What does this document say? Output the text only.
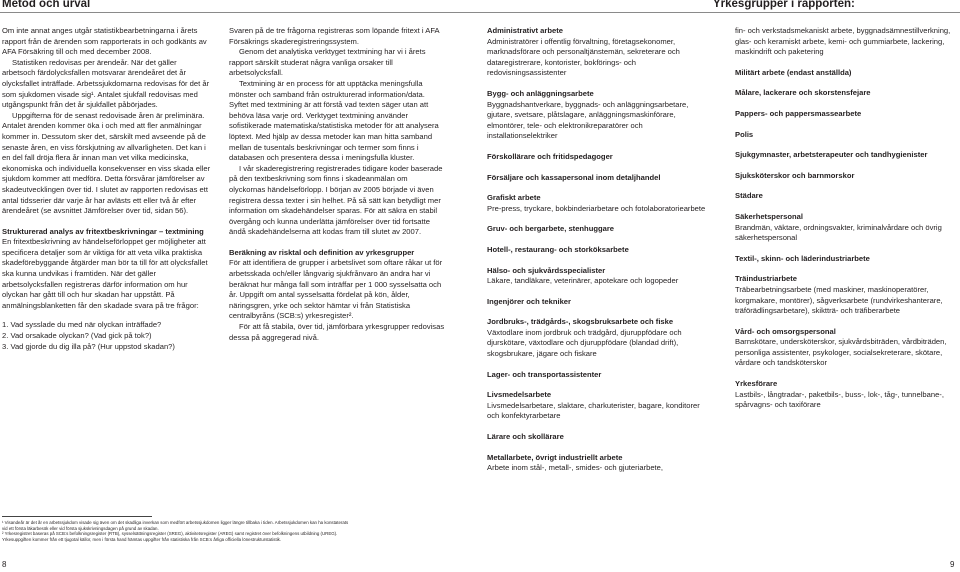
Metod och urval	Yrkesgrupper i rapporten:

Om inte annat anges utgår statistikbearbetningarna i årets rapport från de ärenden som rapporterats in och godkänts av AFA Försäkring till och med december 2008.

Statistiken redovisas per ärendeår. När det gäller arbetsoch färdolycksfallen motsvarar ärendeåret det år olycksfallet inträffade. Arbetssjukdomarna redovisas för det år som sjukdomen visade sig¹. Antalet sjukfall redovisas med utgångspunkt från det år sjukfallet påbörjades.

Uppgifterna för de senast redovisade åren är preliminära. Antalet ärenden kommer öka i och med att fler anmälningar kommer in. Dessutom sker det, särskilt med avseende på de senaste åren, en viss förskjutning av allvarligheten. Det kan i en del fall dröja flera år innan man vet vilka medicinska, ekonomiska och individuella konsekvenser en viss skada eller sjukdom kommer att medföra. Detta försvårar jämförelser av skadeutvecklingen över tid. I slutet av rapporten redovisas ett antal tidsserier där varje år har avlästs ett eller två år efter ärendeåret (se avsnittet Jämförelser över tid, sidan 56).

Strukturerad analys av fritextbeskrivningar – textmining

En fritextbeskrivning av händelseförloppet ger möjligheter att specificera detaljer som är viktiga för att veta vilka praktiska skadeförebyggande åtgärder man bör ta till för att olycksfallet ska kunna undvikas i framtiden. När det gäller arbetsolycksfallen registreras därför information om hur olyckan har gått till och hur skadan har uppstått. På anmälningsblanketten får den skadade svara på tre frågor:

1. Vad sysslade du med när olyckan inträffade?

2. Vad orsakade olyckan? (Vad gick på tok?)

3. Vad gjorde du dig illa på? (Hur uppstod skadan?)

Svaren på de tre frågorna registreras som löpande fritext i AFA Försäkrings skaderegistreringssystem.

Genom det analytiska verktyget textmining har vi i årets rapport särskilt studerat några vanliga orsaker till arbetsolycksfall.

Textmining är en process för att upptäcka meningsfulla mönster och samband från ostrukturerad information/data. Syftet med textmining är att förstå vad texten säger utan att behöva läsa varje ord. Verktyget textmining använder sofistikerade matematiska/statistiska metoder för att analysera löptext. Med hjälp av dessa metoder kan man hitta samband mellan de tusentals beskrivningar och termer som finns i databasen och presentera dessa i meningsfulla kluster.

I vår skaderegistrering registrerades tidigare koder baserade på den textbeskrivning som finns i skadeanmälan om olyckornas händelseförlopp. I början av 2005 började vi även registrera dessa texter i sin helhet. På så sätt kan betydligt mer information om skadehändelser sparas. För att säkra en stabil övergång och kunna underlätta jämförelser över tid fortsatte ändå skadehändelserna att kodas fram till slutet av 2007.

Beräkning av risktal och definition av yrkesgrupper

För att identifiera de grupper i arbetslivet som oftare råkar ut för arbetsskada och/eller långvarig sjukfrånvaro än andra har vi beräknat hur många fall som inträffar per 1 000 sysselsatta och år. Uppgift om antal sysselsatta fördelat på kön, ålder, näringsgren, yrke och sektor hämtar vi från Statistiska centralbyråns (SCB:s) yrkesregister².

För att få stabila, över tid, jämförbara yrkesgrupper redovisas dessa på aggregerad nivå.

Administrativt arbete
Administratörer i offentlig förvaltning, företagsekonomer, marknadsförare och personaltjänstemän, sekreterare och dataregistrerare, kontorister, bokförings- och redovisningsassistenter
Bygg- och anläggningsarbete
Byggnadshantverkare, byggnads- och anläggningsarbetare, gjutare, svetsare, plåtslagare, anläggningsmaskinförare, elmontörer, tele- och elektronikreparatörer och installationselektriker
Förskollärare och fritidspedagoger
Försäljare och kassapersonal inom detaljhandel
Grafiskt arbete
Pre-press, tryckare, bokbinderiarbetare och fotolaboratoriearbete
Gruv- och bergarbete, stenhuggare
Hotell-, restaurang- och storköksarbete
Hälso- och sjukvårdsspecialister
Läkare, tandläkare, veterinärer, apotekare och logopeder
Ingenjörer och tekniker
Jordbruks-, trädgårds-, skogsbruksarbete och fiske
Växtodlare inom jordbruk och trädgård, djuruppfödare och djurskötare, växtodlare och djuruppfödare (blandad drift), skogsbrukare, jägare och fiskare
Lager- och transportassistenter
Livsmedelsarbete
Livsmedelsarbetare, slaktare, charkuterister, bagare, konditorer och konfektyrarbetare
Lärare och skollärare
Metallarbete, övrigt industriellt arbete
Arbete inom stål-, metall-, smides- och gjuteriarbete,
fin- och verkstadsmekaniskt arbete, byggnadsämnestillverkning, glas- och keramiskt arbete, kemi- och gummiarbete, lackering, maskindrift och paketering
Militärt arbete (endast anställda)
Målare, lackerare och skorstensfejare
Pappers- och pappersmassearbete
Polis
Sjukgymnaster, arbetsterapeuter och tandhygienister
Sjuksköterskor och barnmorskor
Städare
Säkerhetspersonal
Brandmän, väktare, ordningsvakter, kriminalvårdare och övrig säkerhetspersonal
Textil-, skinn- och läderindustriarbete
Träindustriarbete
Träbearbetningsarbete (med maskiner, maskinoperatörer, korgmakare, montörer), sågverksarbete (rundvirkeshanterare, träförädlingsarbetare), skiktträ- och träfiberarbete
Vård- och omsorgspersonal
Barnskötare, undersköterskor, sjukvårdsbiträden, vårdbiträden, personliga assistenter, psykologer, socialsekreterare, skötare, vårdare och tandsköterskor
Yrkesförare
Lastbils-, långtradar-, paketbils-, buss-, lok-, tåg-, tunnelbane-, spårvagns- och taxiförare

¹ Visandeår är det år en arbetssjukdom visade sig även om det skadliga inverkan som medfört arbetssjukdomen ligger längre tillbaka i tiden. Arbetssjukdomen kan ha konstaterats

vid ett första läkarbesök eller vid första sjukskrivningsdagen på grund av skadan.

² Yrkesregistret baseras på SCB:s befolkningsregister (RTB), sysselsättningsregister (SREG), aktivitetsregister (AREG) samt registret över befolkningens utbildning (UREG).

Yrkesuppgiften kommer från ett tjugotal källor, men i första hand hämtas uppgifter från statistiska från SCB:s årliga officiella lönestrukturstatistik.

8	9
